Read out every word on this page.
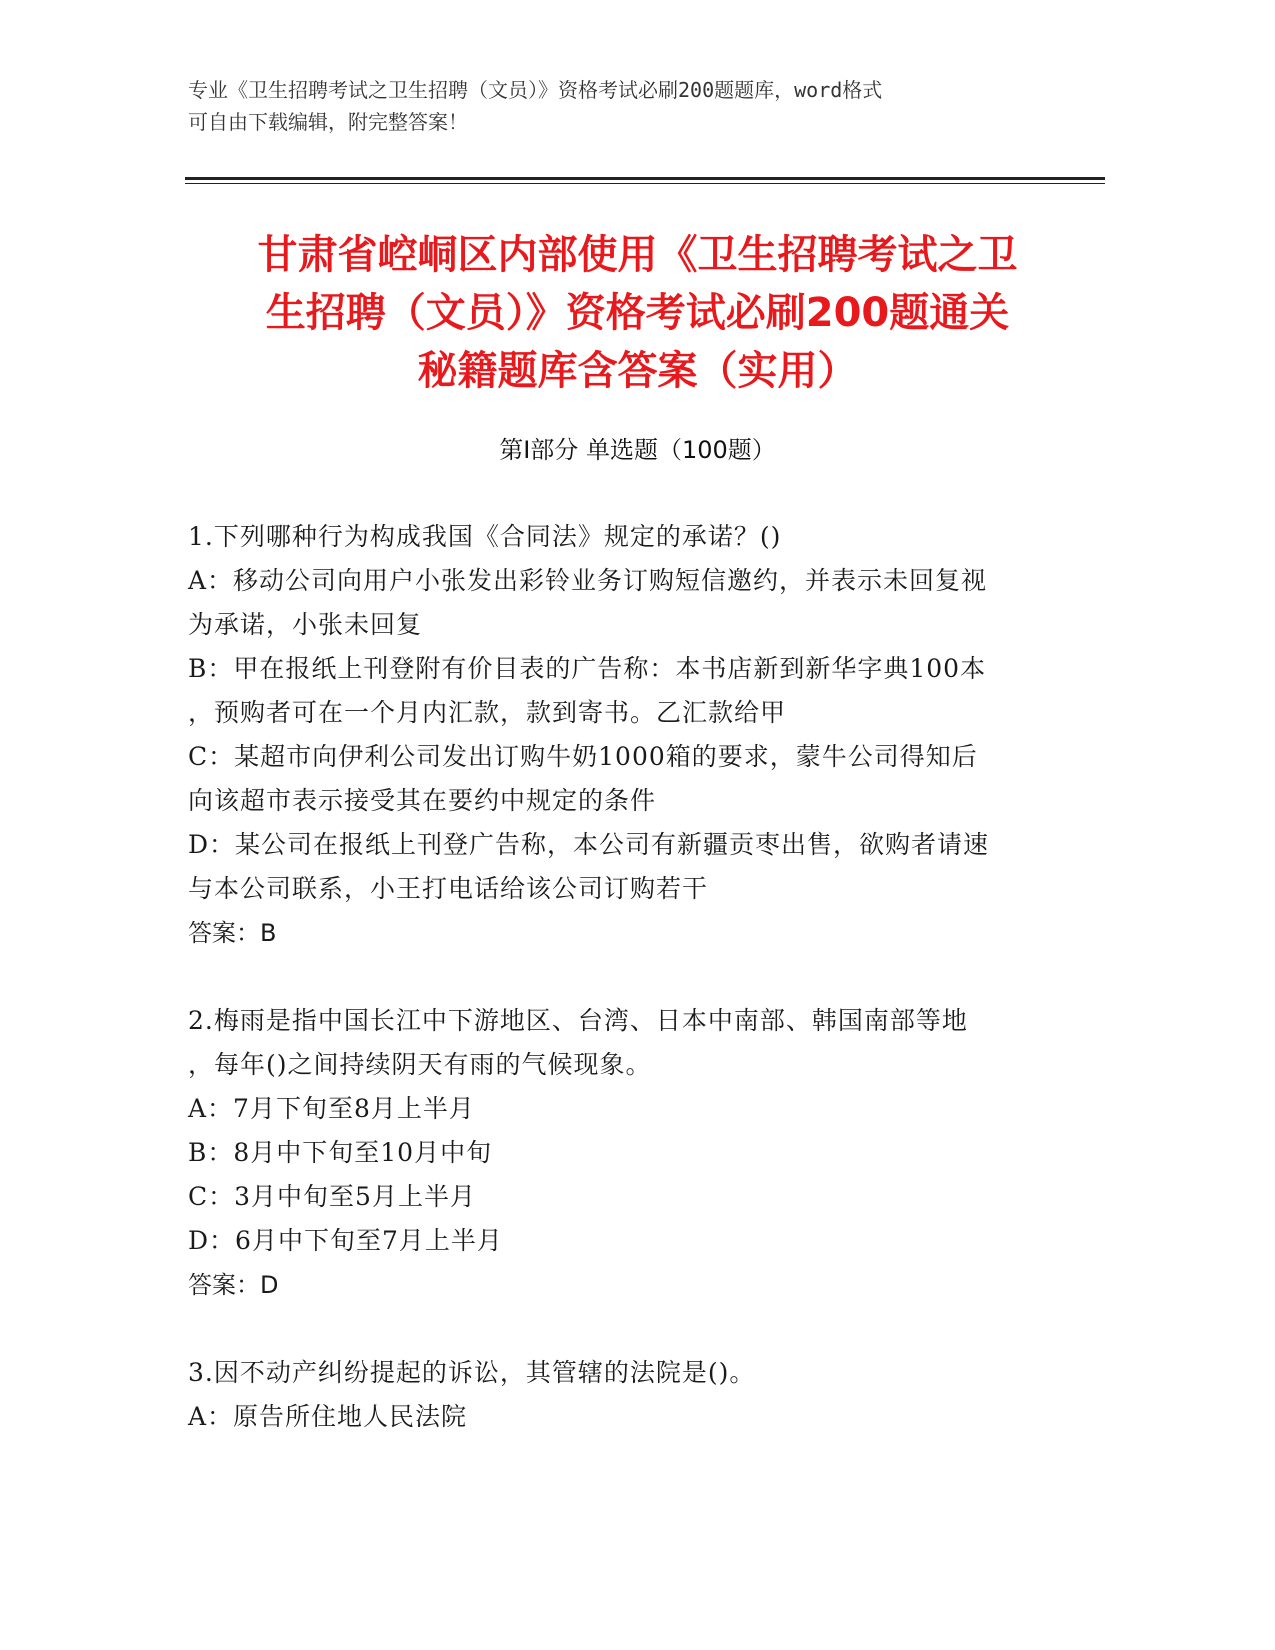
专业《卫生招聘考试之卫生招聘（文员）》资格考试必刷200题题库，word格式
可自由下载编辑，附完整答案！
甘肃省崆峒区内部使用《卫生招聘考试之卫
生招聘（文员）》资格考试必刷200题通关
秘籍题库含答案（实用）
第Ⅰ部分 单选题（100题）
1.下列哪种行为构成我国《合同法》规定的承诺？()
A：移动公司向用户小张发出彩铃业务订购短信邀约，并表示未回复视
为承诺，小张未回复
B：甲在报纸上刊登附有价目表的广告称：本书店新到新华字典100本
，预购者可在一个月内汇款，款到寄书。乙汇款给甲
C：某超市向伊利公司发出订购牛奶1000箱的要求，蒙牛公司得知后
向该超市表示接受其在要约中规定的条件
D：某公司在报纸上刊登广告称，本公司有新疆贡枣出售，欲购者请速
与本公司联系，小王打电话给该公司订购若干
答案：B
2.梅雨是指中国长江中下游地区、台湾、日本中南部、韩国南部等地
，每年()之间持续阴天有雨的气候现象。
A：7月下旬至8月上半月
B：8月中下旬至10月中旬
C：3月中旬至5月上半月
D：6月中下旬至7月上半月
答案：D
3.因不动产纠纷提起的诉讼，其管辖的法院是()。
A：原告所住地人民法院
